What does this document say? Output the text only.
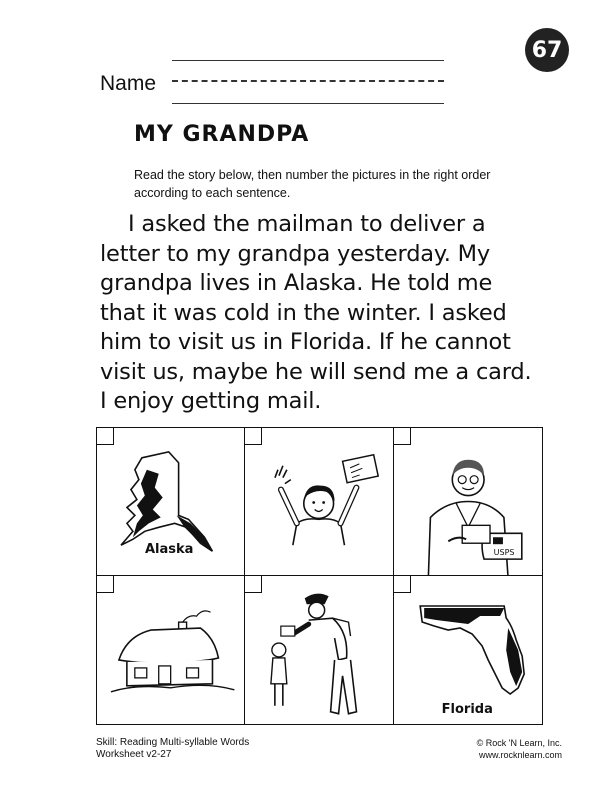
67
Name
MY GRANDPA
Read the story below, then number the pictures in the right order according to each sentence.
I asked the mailman to deliver a letter to my grandpa yesterday. My grandpa lives in Alaska. He told me that it was cold in the winter. I asked him to visit us in Florida. If he cannot visit us, maybe he will send me a card. I enjoy getting mail.
Alaska	USPS
Florida
Skill: Reading Multi-syllable Words
Worksheet v2-27
© Rock 'N Learn, Inc.
www.rocknlearn.com
